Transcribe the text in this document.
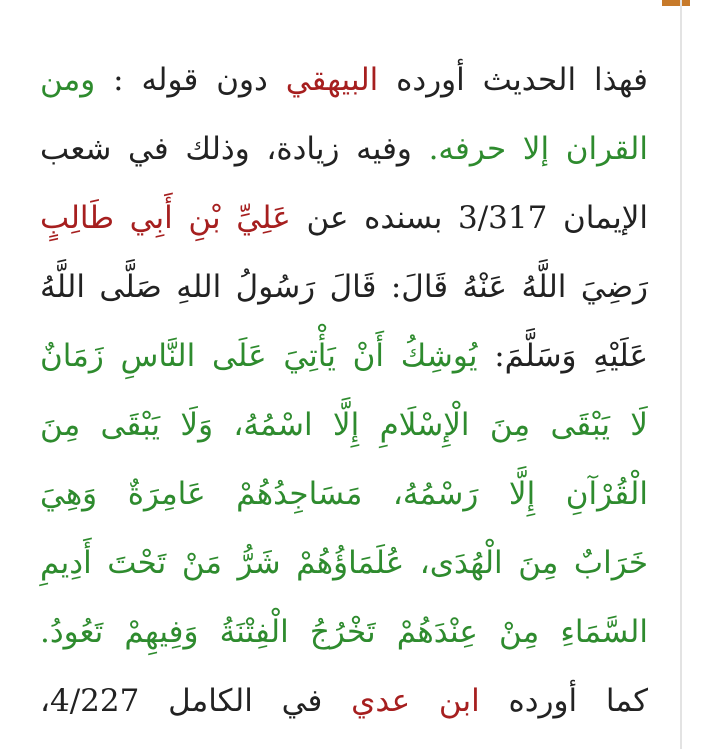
فهذا الحديث أورده البيهقي دون قوله : ومن
القران إلا حرفه. وفيه زيادة، وذلك في شعب
الإيمان 3/317 بسنده عن عَلِيِّ بْنِ أَبِي طَالِبٍ
رَضِيَ اللَّهُ عَنْهُ قَالَ: قَالَ رَسُولُ اللهِ صَلَّى اللَّهُ
عَلَيْهِ وَسَلَّمَ: يُوشِكُ أَنْ يَأْتِيَ عَلَى النَّاسِ زَمَانٌ
لَا يَبْقَى مِنَ الْإِسْلَامِ إِلَّا اسْمُهُ، وَلَا يَبْقَى مِنَ
الْقُرْآنِ إِلَّا رَسْمُهُ، مَسَاجِدُهُمْ عَامِرَةٌ وَهِيَ
خَرَابٌ مِنَ الْهُدَى، عُلَمَاؤُهُمْ شَرُّ مَنْ تَحْتَ أَدِيمِ
السَّمَاءِ مِنْ عِنْدَهُمْ تَخْرُجُ الْفِتْنَةُ وَفِيهِمْ تَعُودُ.
كما أورده ابن عدي في الكامل 4/227،
